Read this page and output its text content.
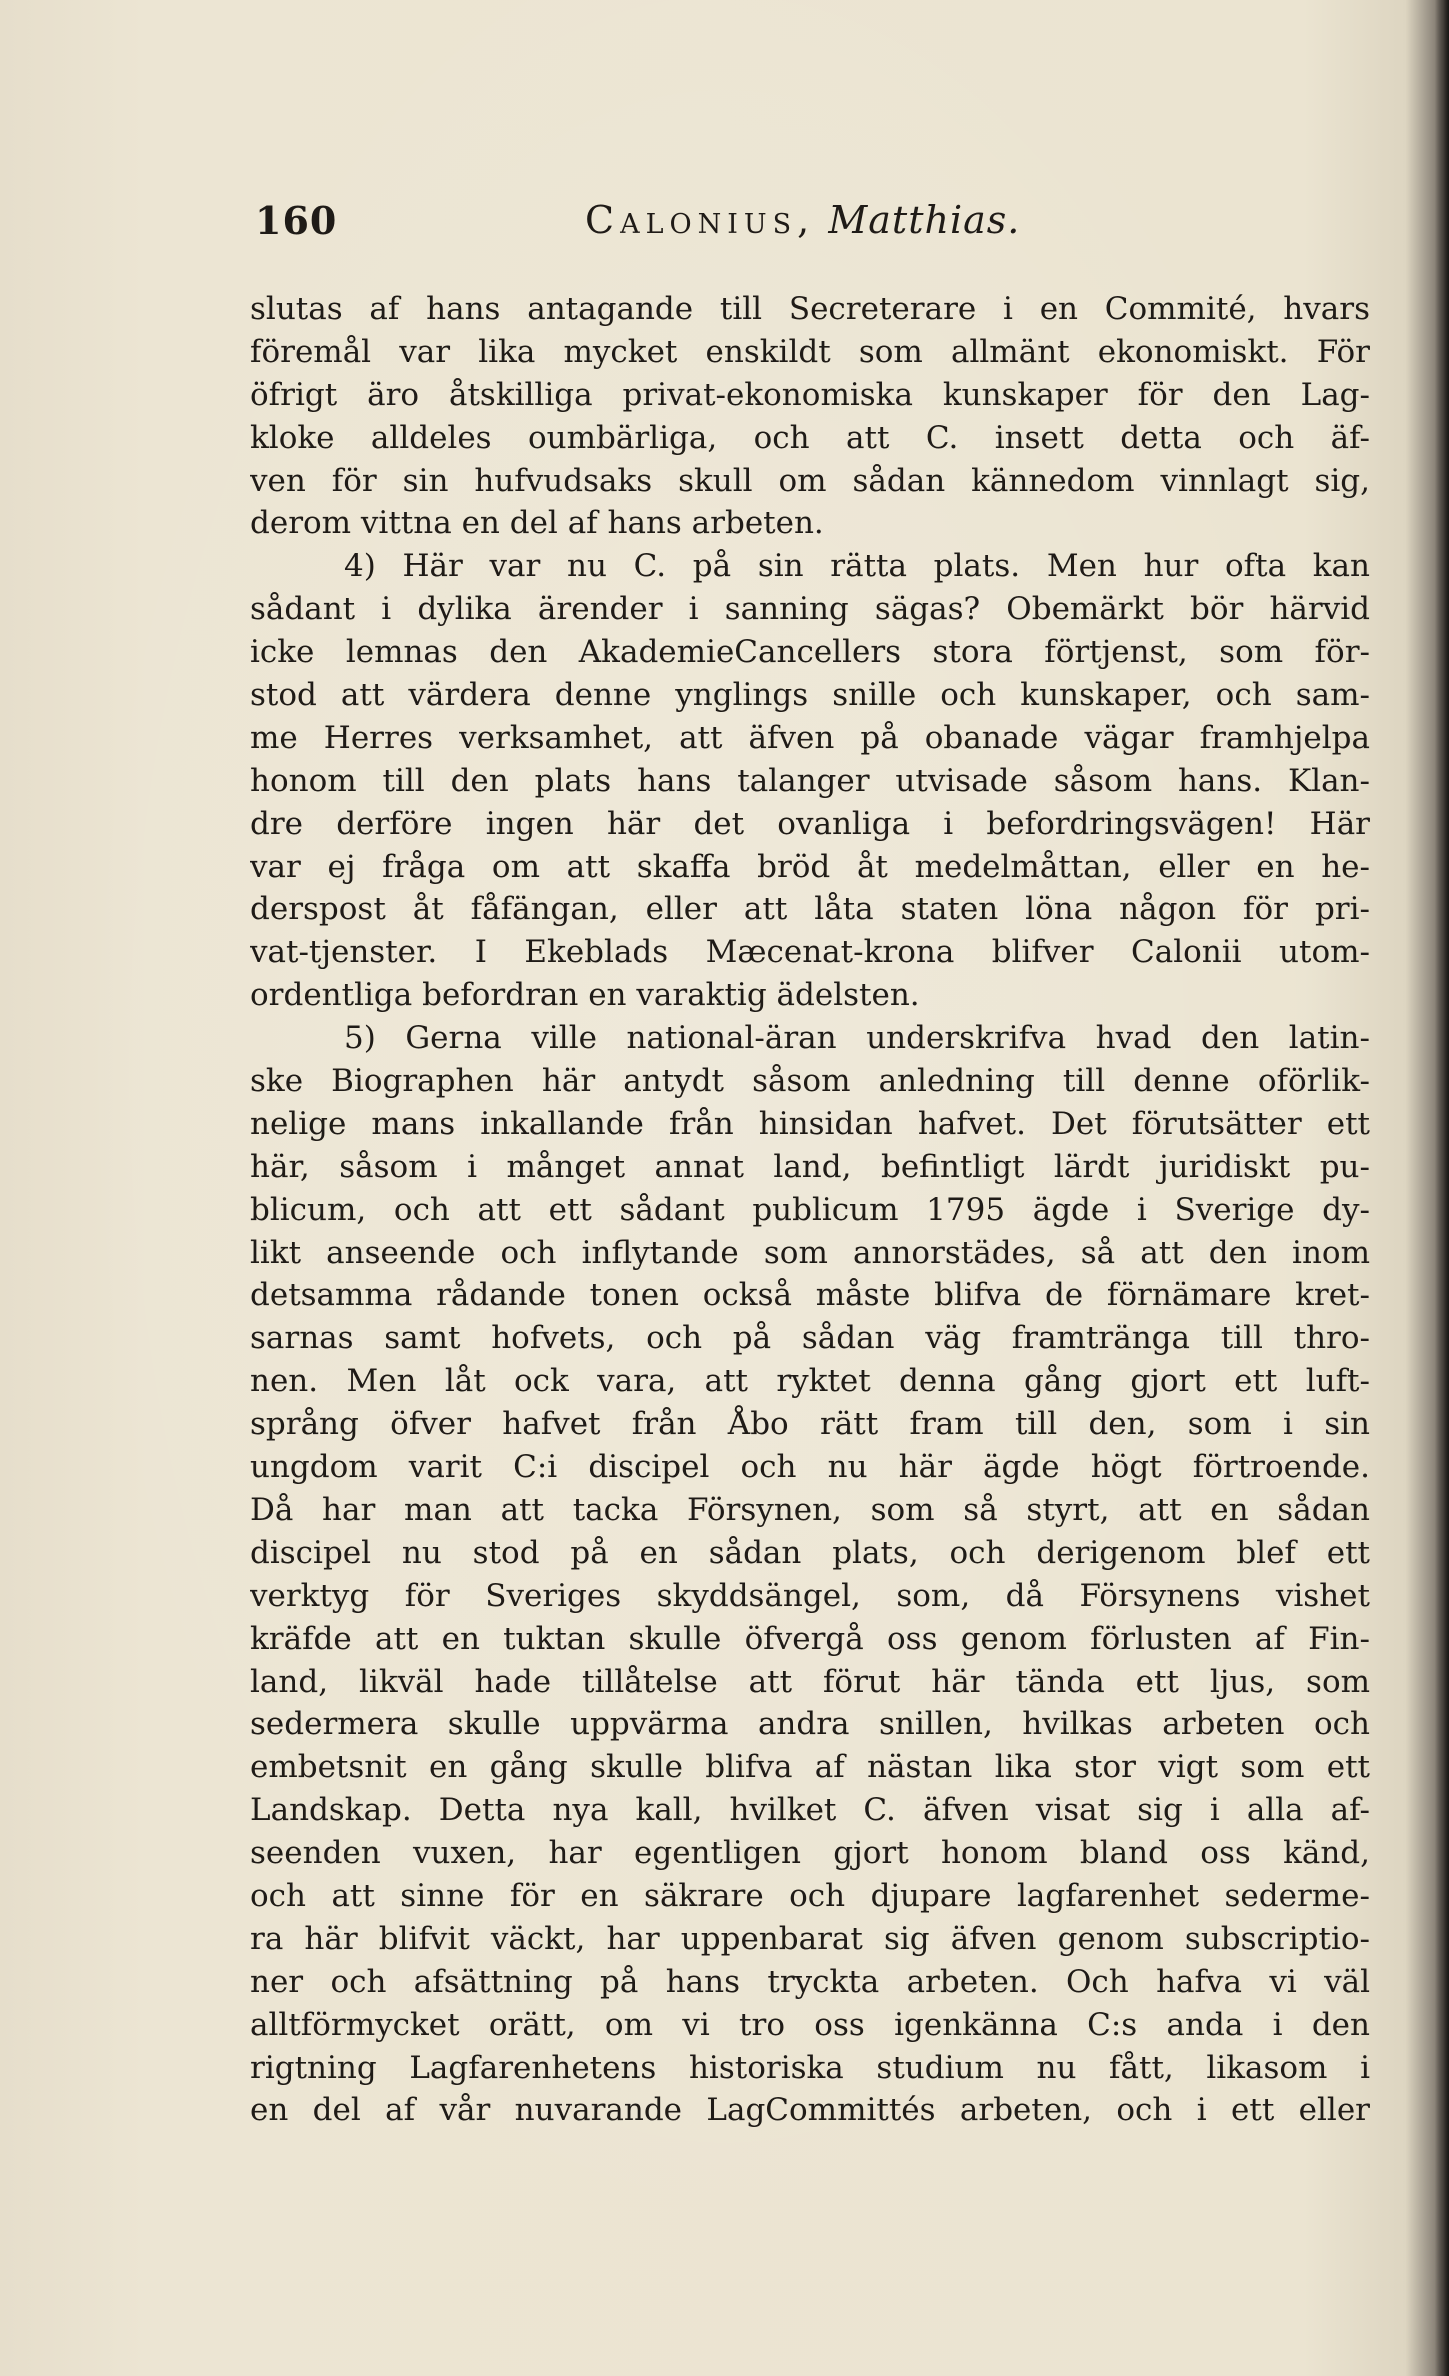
160	Calonius, Matthias.
slutas af hans antagande till Secreterare i en Commité, hvars
föremål var lika mycket enskildt som allmänt ekonomiskt. För
öfrigt äro åtskilliga privat-ekonomiska kunskaper för den Lag-
kloke alldeles oumbärliga, och att C. insett detta och äf-
ven för sin hufvudsaks skull om sådan kännedom vinnlagt sig,
derom vittna en del af hans arbeten.
4) Här var nu C. på sin rätta plats. Men hur ofta kan
sådant i dylika ärender i sanning sägas? Obemärkt bör härvid
icke lemnas den AkademieCancellers stora förtjenst, som för-
stod att värdera denne ynglings snille och kunskaper, och sam-
me Herres verksamhet, att äfven på obanade vägar framhjelpa
honom till den plats hans talanger utvisade såsom hans. Klan-
dre derföre ingen här det ovanliga i befordringsvägen! Här
var ej fråga om att skaffa bröd åt medelmåttan, eller en he-
derspost åt fåfängan, eller att låta staten löna någon för pri-
vat-tjenster. I Ekeblads Mæcenat-krona blifver Calonii utom-
ordentliga befordran en varaktig ädelsten.
5) Gerna ville national-äran underskrifva hvad den latin-
ske Biographen här antydt såsom anledning till denne oförlik-
nelige mans inkallande från hinsidan hafvet. Det förutsätter ett
här, såsom i månget annat land, befintligt lärdt juridiskt pu-
blicum, och att ett sådant publicum 1795 ägde i Sverige dy-
likt anseende och inflytande som annorstädes, så att den inom
detsamma rådande tonen också måste blifva de förnämare kret-
sarnas samt hofvets, och på sådan väg framtränga till thro-
nen. Men låt ock vara, att ryktet denna gång gjort ett luft-
språng öfver hafvet från Åbo rätt fram till den, som i sin
ungdom varit C:i discipel och nu här ägde högt förtroende.
Då har man att tacka Försynen, som så styrt, att en sådan
discipel nu stod på en sådan plats, och derigenom blef ett
verktyg för Sveriges skyddsängel, som, då Försynens vishet
kräfde att en tuktan skulle öfvergå oss genom förlusten af Fin-
land, likväl hade tillåtelse att förut här tända ett ljus, som
sedermera skulle uppvärma andra snillen, hvilkas arbeten och
embetsnit en gång skulle blifva af nästan lika stor vigt som ett
Landskap. Detta nya kall, hvilket C. äfven visat sig i alla af-
seenden vuxen, har egentligen gjort honom bland oss känd,
och att sinne för en säkrare och djupare lagfarenhet sederme-
ra här blifvit väckt, har uppenbarat sig äfven genom subscriptio-
ner och afsättning på hans tryckta arbeten. Och hafva vi väl
alltförmycket orätt, om vi tro oss igenkänna C:s anda i den
rigtning Lagfarenhetens historiska studium nu fått, likasom i
en del af vår nuvarande LagCommittés arbeten, och i ett eller
